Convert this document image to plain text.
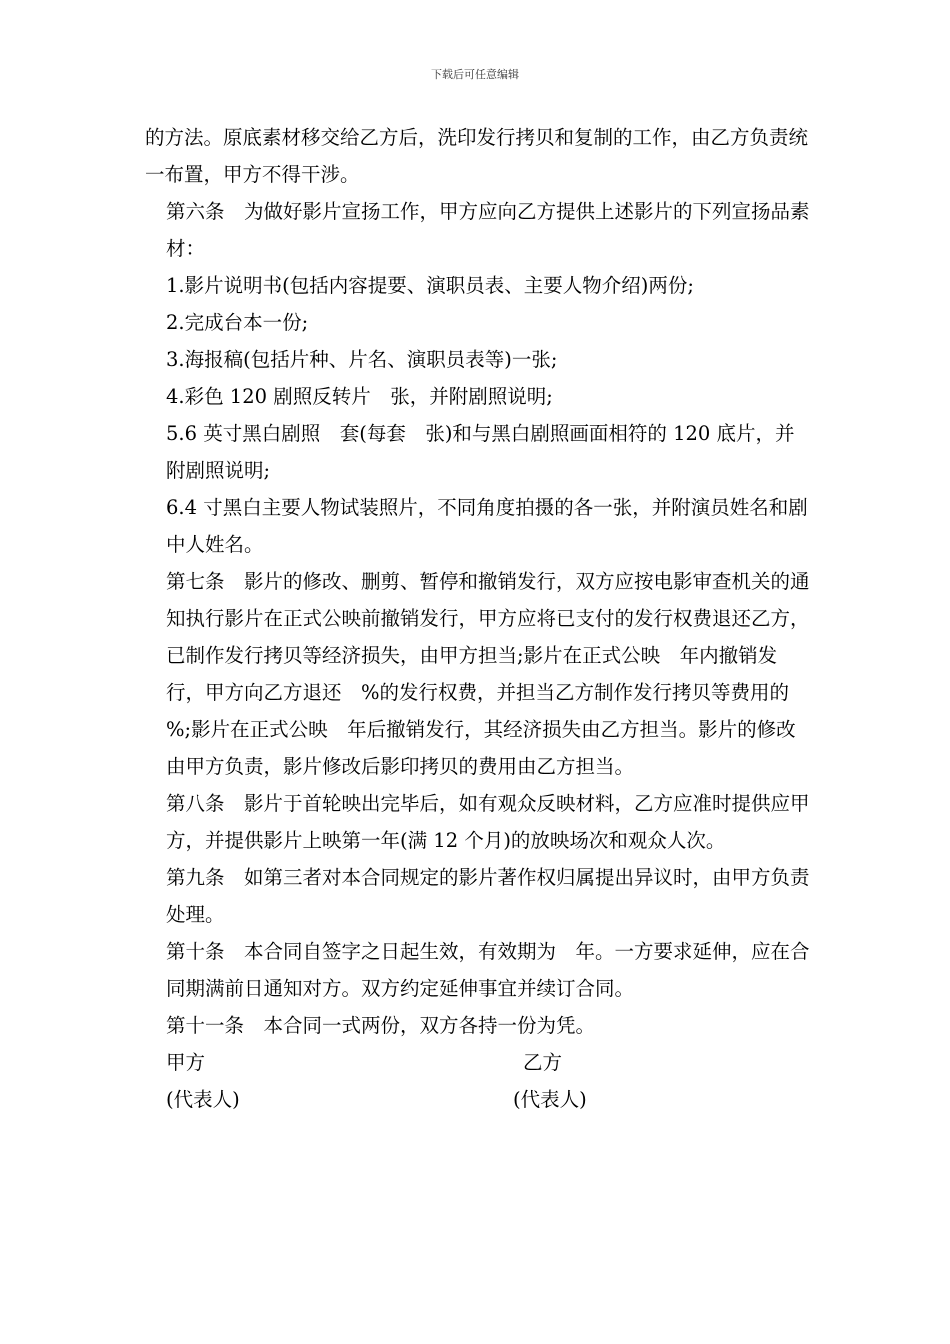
下载后可任意编辑

的方法。原底素材移交给乙方后，洗印发行拷贝和复制的工作，由乙方负责统一布置，甲方不得干涉。

第六条　为做好影片宣扬工作，甲方应向乙方提供上述影片的下列宣扬品素材：

1.影片说明书(包括内容提要、演职员表、主要人物介绍)两份;

2.完成台本一份;

3.海报稿(包括片种、片名、演职员表等)一张;

4.彩色 120 剧照反转片　张，并附剧照说明;

5.6 英寸黑白剧照　套(每套　张)和与黑白剧照画面相符的 120 底片，并附剧照说明;

6.4 寸黑白主要人物试装照片，不同角度拍摄的各一张，并附演员姓名和剧中人姓名。

第七条　影片的修改、删剪、暂停和撤销发行，双方应按电影审查机关的通知执行影片在正式公映前撤销发行，甲方应将已支付的发行权费退还乙方，已制作发行拷贝等经济损失，由甲方担当;影片在正式公映　年内撤销发行，甲方向乙方退还　%的发行权费，并担当乙方制作发行拷贝等费用的　%;影片在正式公映　年后撤销发行，其经济损失由乙方担当。影片的修改由甲方负责，影片修改后影印拷贝的费用由乙方担当。

第八条　影片于首轮映出完毕后，如有观众反映材料，乙方应准时提供应甲方，并提供影片上映第一年(满 12 个月)的放映场次和观众人次。

第九条　如第三者对本合同规定的影片著作权归属提出异议时，由甲方负责处理。

第十条　本合同自签字之日起生效，有效期为　年。一方要求延伸，应在合同期满前日通知对方。双方约定延伸事宜并续订合同。

第十一条　本合同一式两份，双方各持一份为凭。

甲方	乙方
(代表人)	(代表人)
